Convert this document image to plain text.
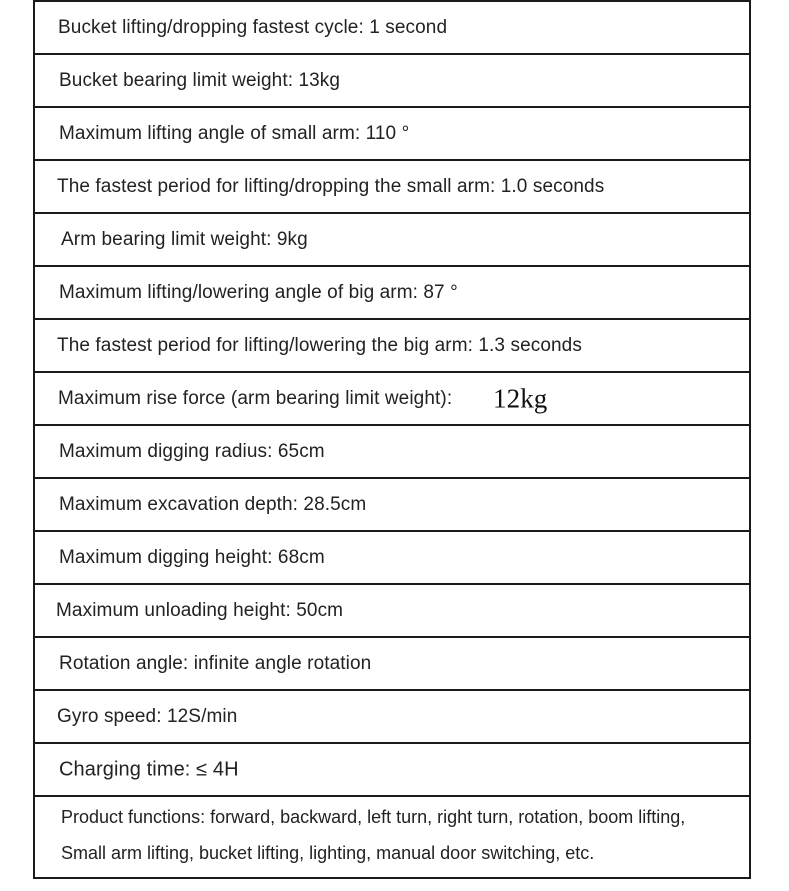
Bucket lifting/dropping fastest cycle: 1 second
Bucket bearing limit weight: 13kg
Maximum lifting angle of small arm: 110 °
The fastest period for lifting/dropping the small arm: 1.0 seconds
Arm bearing limit weight: 9kg
Maximum lifting/lowering angle of big arm: 87 °
The fastest period for lifting/lowering the big arm: 1.3 seconds
Maximum rise force (arm bearing limit weight): 12kg
Maximum digging radius: 65cm
Maximum excavation depth: 28.5cm
Maximum digging height: 68cm
Maximum unloading height: 50cm
Rotation angle: infinite angle rotation
Gyro speed: 12S/min
Charging time: ≤ 4H
Product functions: forward, backward, left turn, right turn, rotation, boom lifting,
Small arm lifting, bucket lifting, lighting, manual door switching, etc.
